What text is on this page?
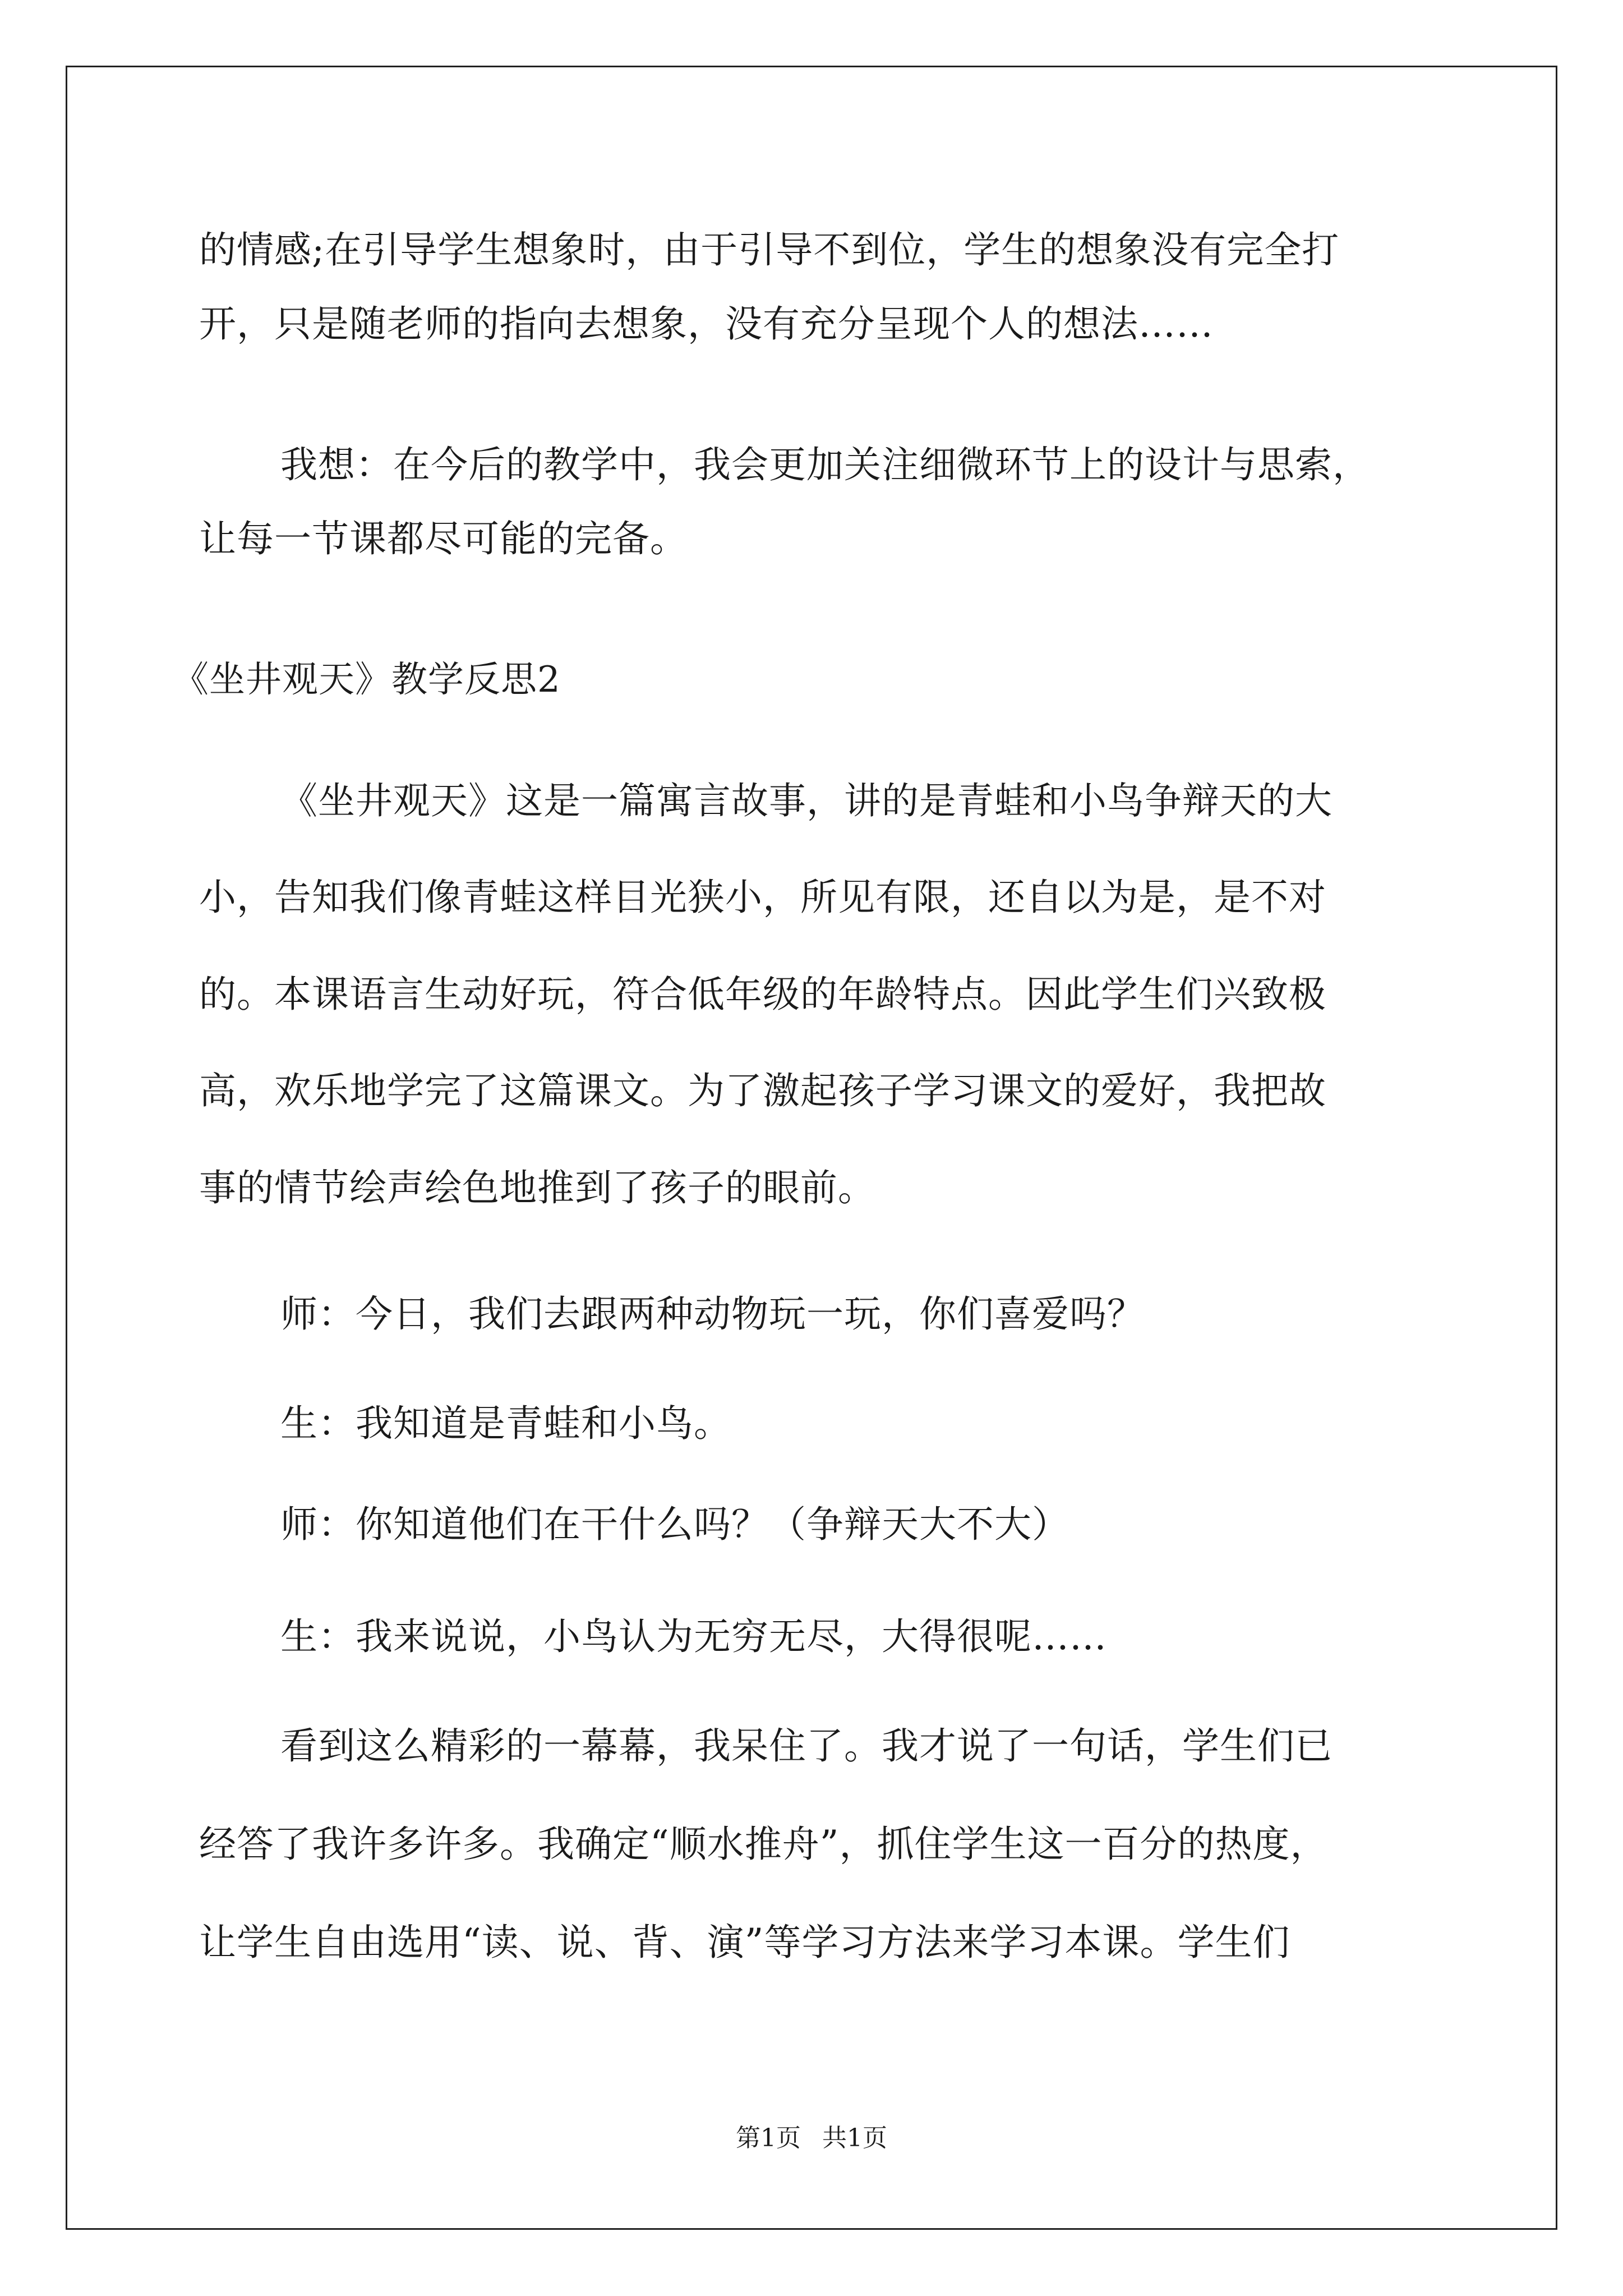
的情感;在引导学生想象时，由于引导不到位，学生的想象没有完全打
开，只是随老师的指向去想象，没有充分呈现个人的想法……
我想：在今后的教学中，我会更加关注细微环节上的设计与思索，
让每一节课都尽可能的完备。
《坐井观天》教学反思2
《坐井观天》这是一篇寓言故事，讲的是青蛙和小鸟争辩天的大
小，告知我们像青蛙这样目光狭小，所见有限，还自以为是，是不对
的。本课语言生动好玩，符合低年级的年龄特点。因此学生们兴致极
高，欢乐地学完了这篇课文。为了激起孩子学习课文的爱好，我把故
事的情节绘声绘色地推到了孩子的眼前。
师：今日，我们去跟两种动物玩一玩，你们喜爱吗？
生：我知道是青蛙和小鸟。
师：你知道他们在干什么吗？（争辩天大不大）
生：我来说说，小鸟认为无穷无尽，大得很呢……
看到这么精彩的一幕幕，我呆住了。我才说了一句话，学生们已
经答了我许多许多。我确定“顺水推舟”，抓住学生这一百分的热度，
让学生自由选用“读、说、背、演”等学习方法来学习本课。学生们
第1页 共1页
